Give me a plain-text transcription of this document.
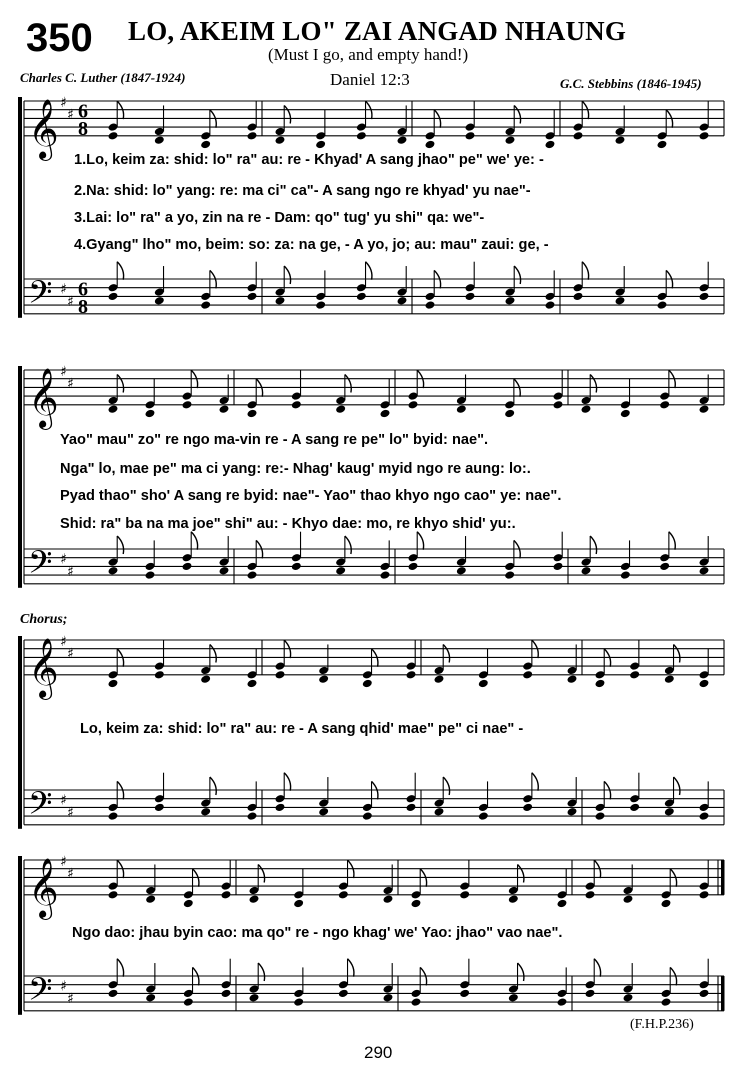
♯
♯
𝄞 6
8
♯
♯
𝄢 6
8
♯
♯
𝄞
♯
♯
𝄢
♯
♯
𝄞
♯
♯
𝄢
♯
♯
𝄞
♯
♯
𝄢
350 LO, AKEIM LO" ZAI ANGAD NHAUNG
(Must I go, and empty hand!)
Charles C. Luther (1847-1924)	Daniel 12:3	G.C. Stebbins (1846-1945)
1.Lo, keim za: shid: lo" ra" au: re - Khyad' A sang jhao" pe" we' ye: -
2.Na: shid: lo" yang: re: ma ci" ca"- A sang ngo re khyad' yu nae"-
3.Lai: lo" ra" a yo, zin na re - Dam: qo" tug' yu shi" qa: we"-
4.Gyang" lho" mo, beim: so: za: na ge, - A yo, jo; au: mau" zaui: ge, -
Yao" mau" zo" re ngo ma-vin re - A sang re pe" lo" byid: nae".
Nga" lo, mae pe" ma ci yang: re:- Nhag' kaug' myid ngo re aung: lo:.
Pyad thao" sho' A sang re byid: nae"- Yao" thao khyo ngo cao" ye: nae".
Shid: ra" ba na ma joe" shi" au: - Khyo dae: mo, re khyo shid' yu:.
Chorus;
Lo, keim za: shid: lo" ra" au: re - A sang qhid' mae" pe" ci nae" -
Ngo dao: jhau byin cao: ma qo" re - ngo khag' we' Yao: jhao" vao nae".
(F.H.P.236)
290
